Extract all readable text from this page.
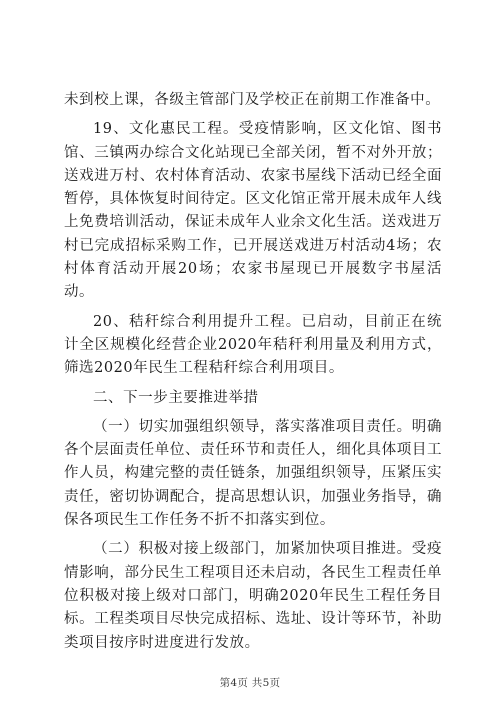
未到校上课，各级主管部门及学校正在前期工作准备中。

19、文化惠民工程。受疫情影响，区文化馆、图书馆、三镇两办综合文化站现已全部关闭，暂不对外开放；送戏进万村、农村体育活动、农家书屋线下活动已经全面暂停，具体恢复时间待定。区文化馆正常开展未成年人线上免费培训活动，保证未成年人业余文化生活。送戏进万村已完成招标采购工作，已开展送戏进万村活动4场；农村体育活动开展20场；农家书屋现已开展数字书屋活动。

20、秸秆综合利用提升工程。已启动，目前正在统计全区规模化经营企业2020年秸秆利用量及利用方式，筛选2020年民生工程秸秆综合利用项目。

二、下一步主要推进举措

（一）切实加强组织领导，落实落准项目责任。明确各个层面责任单位、责任环节和责任人，细化具体项目工作人员，构建完整的责任链条，加强组织领导，压紧压实责任，密切协调配合，提高思想认识，加强业务指导，确保各项民生工作任务不折不扣落实到位。

（二）积极对接上级部门，加紧加快项目推进。受疫情影响，部分民生工程项目还未启动，各民生工程责任单位积极对接上级对口部门，明确2020年民生工程任务目标。工程类项目尽快完成招标、选址、设计等环节，补助类项目按序时进度进行发放。

第4页 共5页
